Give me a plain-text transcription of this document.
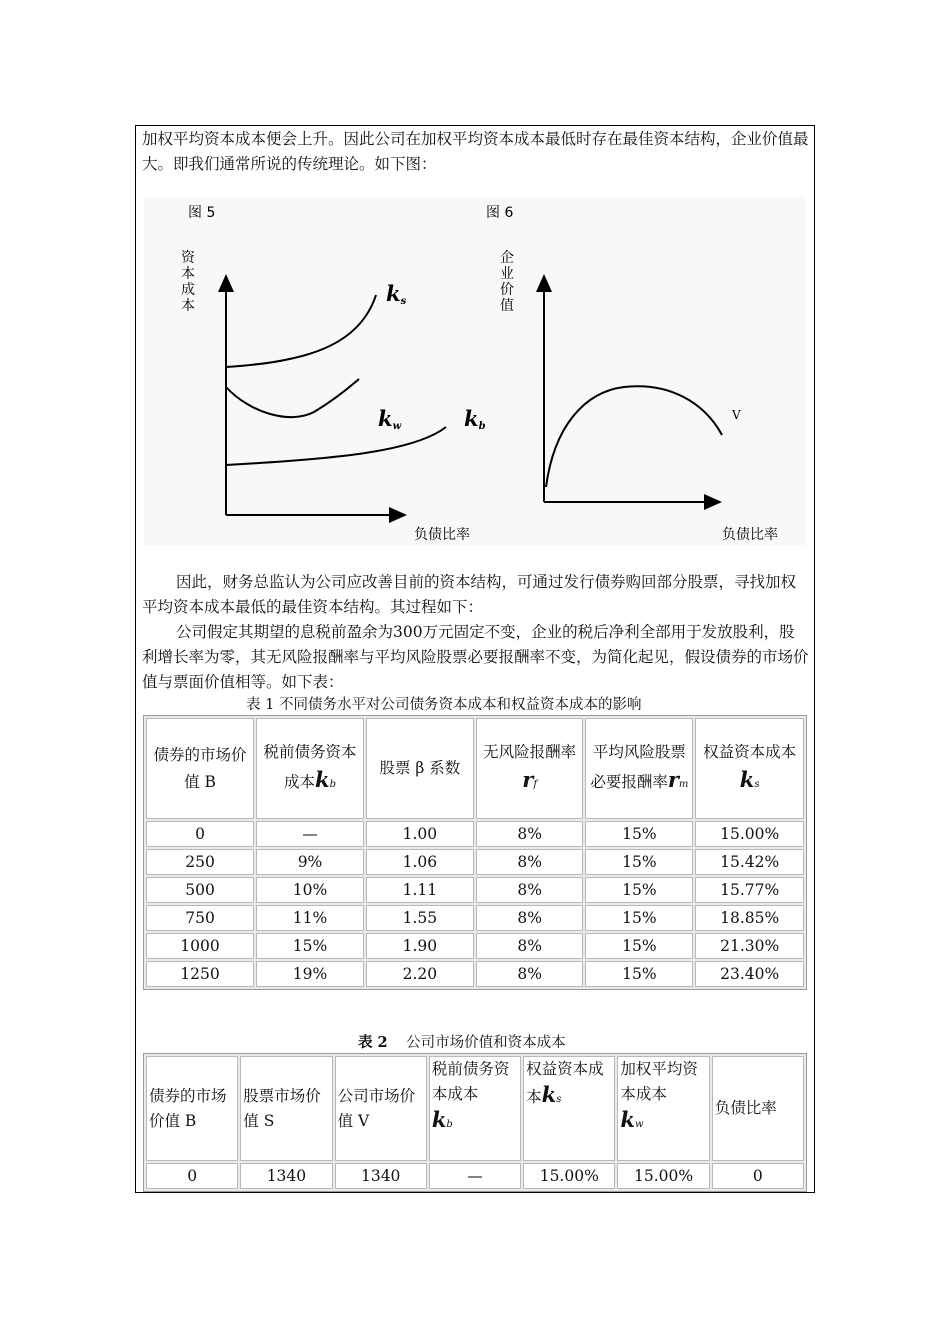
加权平均资本成本便会上升。因此公司在加权平均资本成本最低时存在最佳资本结构，企业价值最大。即我们通常所说的传统理论。如下图：

图 5
资本成本	ks
kw	kb
负债比率
图 6
企业价值
V
负债比率

因此，财务总监认为公司应改善目前的资本结构，可通过发行债券购回部分股票，寻找加权平均资本成本最低的最佳资本结构。其过程如下：

公司假定其期望的息税前盈余为300万元固定不变，企业的税后净利全部用于发放股利，股利增长率为零，其无风险报酬率与平均风险股票必要报酬率不变，为简化起见，假设债券的市场价值与票面价值相等。如下表：

表 1 不同债务水平对公司债务资本成本和权益资本成本的影响
债券的市场价值 B	税前债务资本成本kb	股票 β 系数	无风险报酬率rf	平均风险股票必要报酬率rm	权益资本成本ks
0	—	1.00	8%	15%	15.00%
250	9%	1.06	8%	15%	15.42%
500	10%	1.11	8%	15%	15.77%
750	11%	1.55	8%	15%	18.85%
1000	15%	1.90	8%	15%	21.30%
1250	19%	2.20	8%	15%	23.40%
表 2 公司市场价值和资本成本
债券的市场价值 B	股票市场价值 S	公司市场价值 V	税前债务资本成本
kb	权益资本成本ks	加权平均资本成本
kw	负债比率
0	1340	1340	—	15.00%	15.00%	0
